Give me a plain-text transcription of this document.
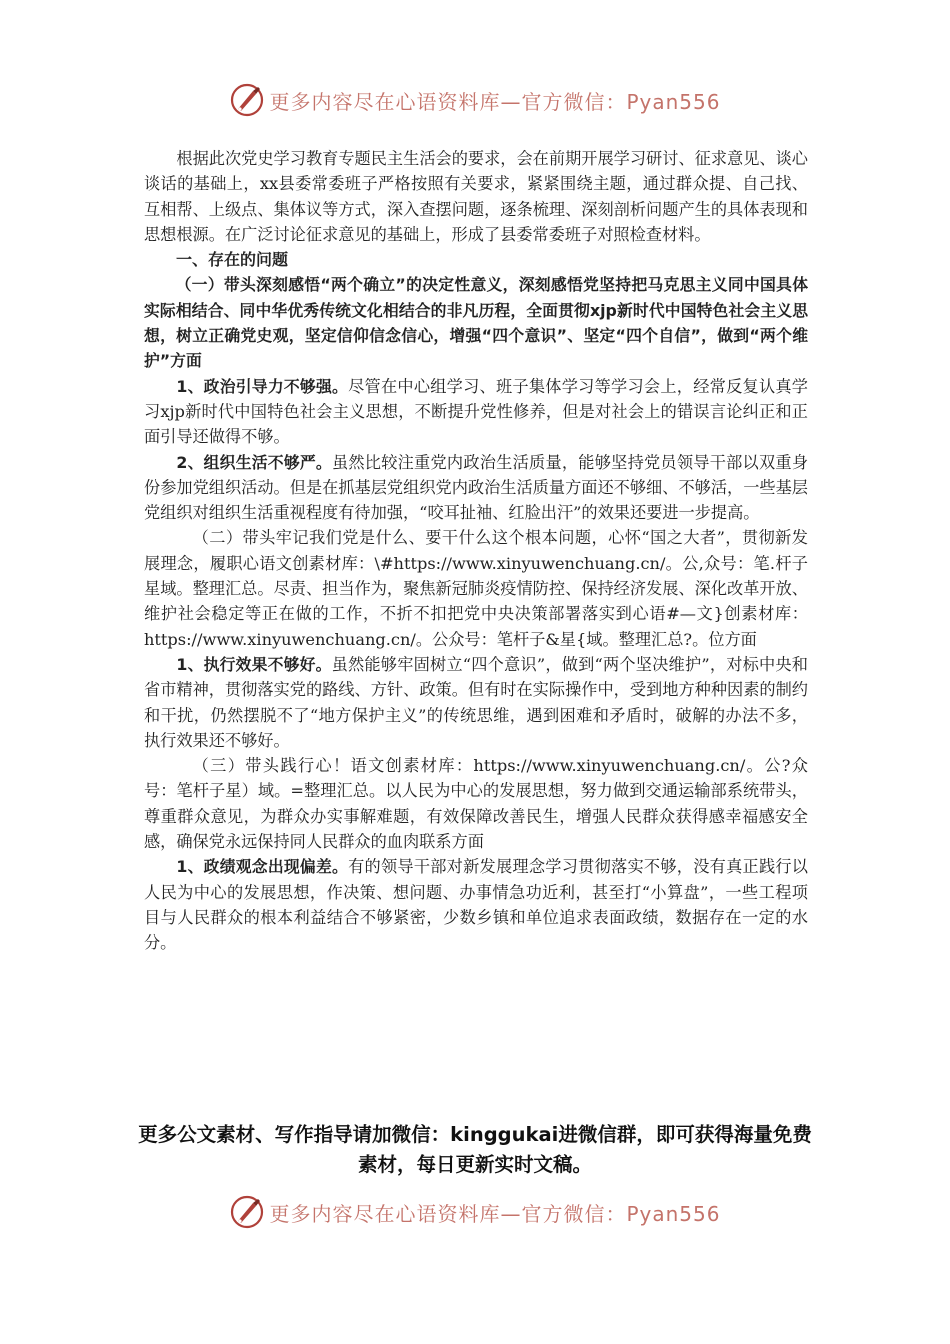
更多内容尽在心语资料库—官方微信：Pyan556

根据此次党史学习教育专题民主生活会的要求，会在前期开展学习研讨、征求意见、谈心谈话的基础上，xx县委常委班子严格按照有关要求，紧紧围绕主题，通过群众提、自己找、互相帮、上级点、集体议等方式，深入查摆问题，逐条梳理、深刻剖析问题产生的具体表现和思想根源。在广泛讨论征求意见的基础上，形成了县委常委班子对照检查材料。

一、存在的问题

（一）带头深刻感悟“两个确立”的决定性意义，深刻感悟党坚持把马克思主义同中国具体实际相结合、同中华优秀传统文化相结合的非凡历程，全面贯彻xjp新时代中国特色社会主义思想，树立正确党史观，坚定信仰信念信心，增强“四个意识”、坚定“四个自信”，做到“两个维护”方面

1、政治引导力不够强。尽管在中心组学习、班子集体学习等学习会上，经常反复认真学习xjp新时代中国特色社会主义思想，不断提升党性修养，但是对社会上的错误言论纠正和正面引导还做得不够。

2、组织生活不够严。虽然比较注重党内政治生活质量，能够坚持党员领导干部以双重身份参加党组织活动。但是在抓基层党组织党内政治生活质量方面还不够细、不够活，一些基层党组织对组织生活重视程度有待加强，“咬耳扯袖、红脸出汗”的效果还要进一步提高。

（二）带头牢记我们党是什么、要干什么这个根本问题，心怀“国之大者”，贯彻新发展理念，履职心语文创素材库：\#https://www.xinyuwenchuang.cn/。公,众号：笔.杆子星域。整理汇总。尽责、担当作为，聚焦新冠肺炎疫情防控、保持经济发展、深化改革开放、维护社会稳定等正在做的工作，不折不扣把党中央决策部署落实到心语#—文}创素材库：https://www.xinyuwenchuang.cn/。公众号：笔杆子&星{域。整理汇总?。位方面

1、执行效果不够好。虽然能够牢固树立“四个意识”，做到“两个坚决维护”，对标中央和省市精神，贯彻落实党的路线、方针、政策。但有时在实际操作中，受到地方种种因素的制约和干扰，仍然摆脱不了“地方保护主义”的传统思维，遇到困难和矛盾时，破解的办法不多，执行效果还不够好。

（三）带头践行心！语文创素材库：https://www.xinyuwenchuang.cn/。公?众号：笔杆子星）域。=整理汇总。以人民为中心的发展思想，努力做到交通运输部系统带头，尊重群众意见，为群众办实事解难题，有效保障改善民生，增强人民群众获得感幸福感安全感，确保党永远保持同人民群众的血肉联系方面

1、政绩观念出现偏差。有的领导干部对新发展理念学习贯彻落实不够，没有真正践行以人民为中心的发展思想，作决策、想问题、办事情急功近利，甚至打“小算盘”，一些工程项目与人民群众的根本利益结合不够紧密，少数乡镇和单位追求表面政绩，数据存在一定的水分。

更多公文素材、写作指导请加微信：kinggukai进微信群，即可获得海量免费素材，每日更新实时文稿。
更多内容尽在心语资料库—官方微信：Pyan556
